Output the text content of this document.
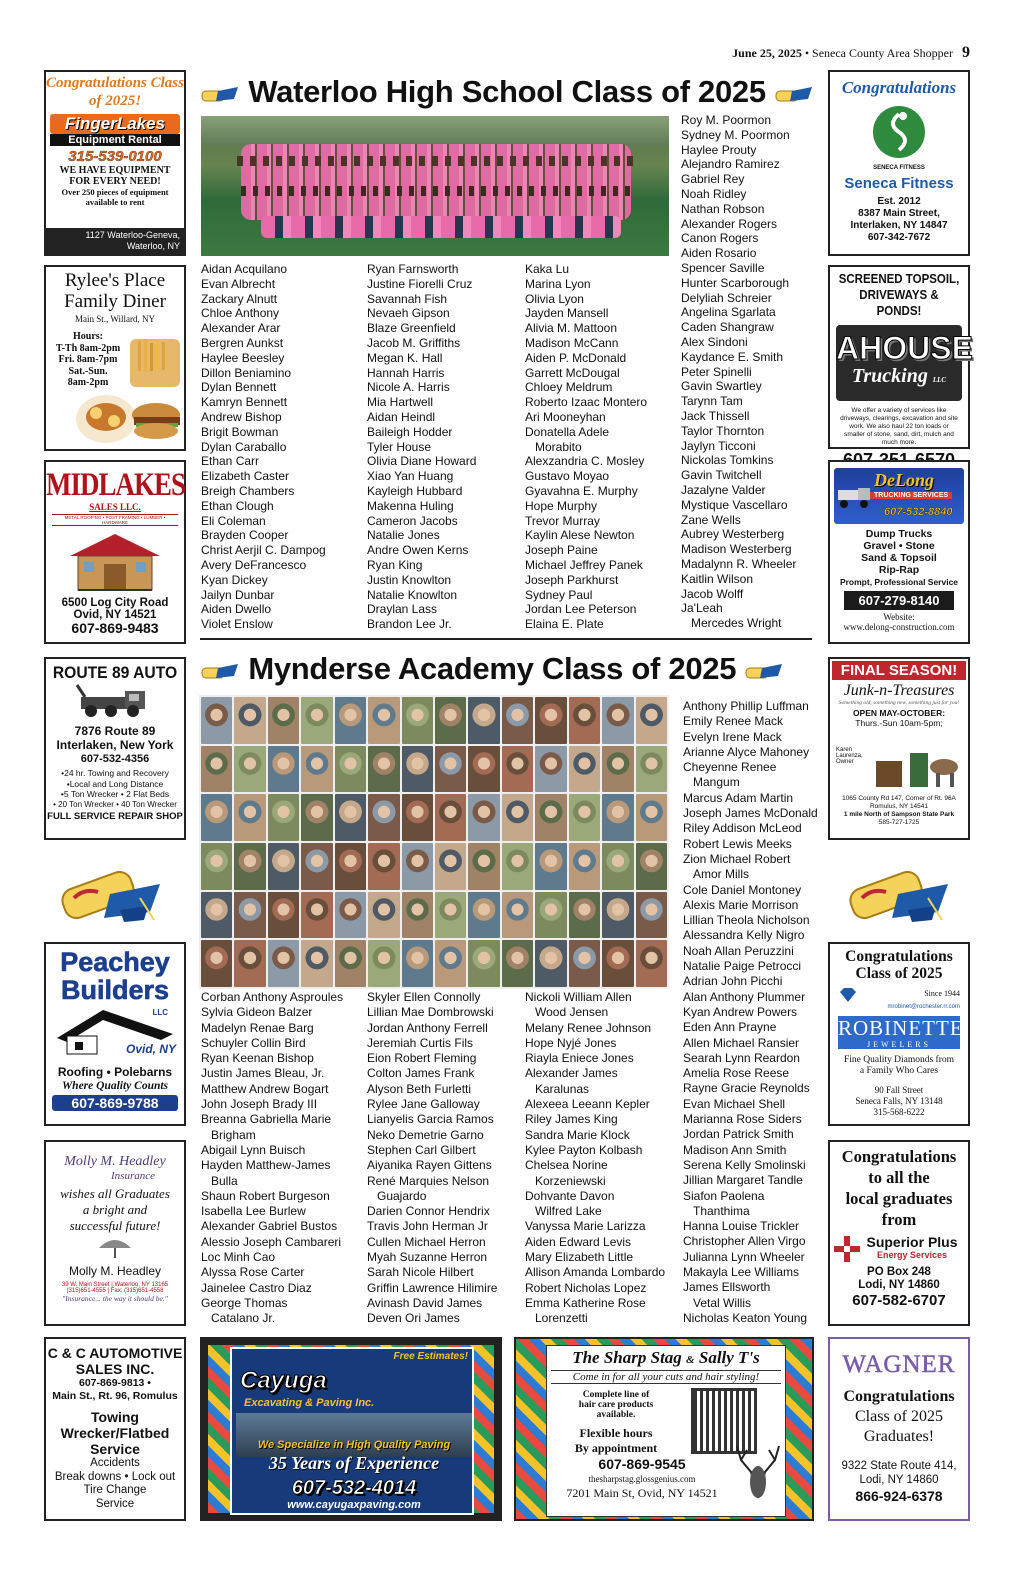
June 25, 2025 • Seneca County Area Shopper 9
Congratulations Class of 2025!
FingerLakes
Equipment Rental
315-539-0100
WE HAVE EQUIPMENT
FOR EVERY NEED!
Over 250 pieces of equipment
available to rent
1127 Waterloo-Geneva, Waterloo, NY
Rylee's Place
Family Diner
Main St., Willard, NY
Hours:
T-Th 8am-2pm
Fri. 8am-7pm
Sat.-Sun.
8am-2pm
MIDLAKES
SALES LLC.
METAL ROOFING • POST FRAMING • LUMBER • HARDWARE
6500 Log City Road
Ovid, NY 14521
607-869-9483
ROUTE 89 AUTO
7876 Route 89
Interlaken, New York
607-532-4356
•24 hr. Towing and Recovery
•Local and Long Distance
•5 Ton Wrecker • 2 Flat Beds
• 20 Ton Wrecker • 40 Ton Wrecker
FULL SERVICE REPAIR SHOP
Peachey
Builders
LLC
Ovid, NY
Roofing • Polebarns
Where Quality Counts
607-869-9788
Molly M. Headley
Insurance
wishes all Graduates
a bright and
successful future!
Molly M. Headley
39 W. Main Street | Waterloo, NY 13165
(315)651-4555 | Fax: (315)651-4558
"Insurance... the way it should be."
C & C AUTOMOTIVE
SALES INC.
607-869-9813 •
Main St., Rt. 96, Romulus
Towing
Wrecker/Flatbed
Service
Accidents
Break downs • Lock out
Tire Change
Service
Waterloo High School Class of 2025
Aidan Acquilano
Evan Albrecht
Zackary Alnutt
Chloe Anthony
Alexander Arar
Bergren Aunkst
Haylee Beesley
Dillon Beniamino
Dylan Bennett
Kamryn Bennett
Andrew Bishop
Brigit Bowman
Dylan Caraballo
Ethan Carr
Elizabeth Caster
Breigh Chambers
Ethan Clough
Eli Coleman
Brayden Cooper
Christ Aerjil C. Dampog
Avery DeFrancesco
Kyan Dickey
Jailyn Dunbar
Aiden Dwello
Violet Enslow
Ryan Farnsworth
Justine Fiorelli Cruz
Savannah Fish
Nevaeh Gipson
Blaze Greenfield
Jacob M. Griffiths
Megan K. Hall
Hannah Harris
Nicole A. Harris
Mia Hartwell
Aidan Heindl
Baileigh Hodder
Tyler House
Olivia Diane Howard
Xiao Yan Huang
Kayleigh Hubbard
Makenna Huling
Cameron Jacobs
Natalie Jones
Andre Owen Kerns
Ryan King
Justin Knowlton
Natalie Knowlton
Draylan Lass
Brandon Lee Jr.
Kaka Lu
Marina Lyon
Olivia Lyon
Jayden Mansell
Alivia M. Mattoon
Madison McCann
Aiden P. McDonald
Garrett McDougal
Chloey Meldrum
Roberto Izaac Montero
Ari Mooneyhan
Donatella Adele
Morabito
Alexzandria C. Mosley
Gustavo Moyao
Gyavahna E. Murphy
Hope Murphy
Trevor Murray
Kaylin Alese Newton
Joseph Paine
Michael Jeffrey Panek
Joseph Parkhurst
Sydney Paul
Jordan Lee Peterson
Elaina E. Plate
Roy M. Poormon
Sydney M. Poormon
Haylee Prouty
Alejandro Ramirez
Gabriel Rey
Noah Ridley
Nathan Robson
Alexander Rogers
Canon Rogers
Aiden Rosario
Spencer Saville
Hunter Scarborough
Delyliah Schreier
Angelina Sgarlata
Caden Shangraw
Alex Sindoni
Kaydance E. Smith
Peter Spinelli
Gavin Swartley
Tarynn Tam
Jack Thissell
Taylor Thornton
Jaylyn Ticconi
Nickolas Tomkins
Gavin Twitchell
Jazalyne Valder
Mystique Vascellaro
Zane Wells
Aubrey Westerberg
Madison Westerberg
Madalynn R. Wheeler
Kaitlin Wilson
Jacob Wolff
Ja'Leah
Mercedes Wright
Mynderse Academy Class of 2025
Anthony Phillip Luffman
Emily Renee Mack
Evelyn Irene Mack
Arianne Alyce Mahoney
Cheyenne Renee
Mangum
Marcus Adam Martin
Joseph James McDonald
Riley Addison McLeod
Robert Lewis Meeks
Zion Michael Robert
Amor Mills
Cole Daniel Montoney
Alexis Marie Morrison
Lillian Theola Nicholson
Alessandra Kelly Nigro
Noah Allan Peruzzini
Natalie Paige Petrocci
Adrian John Picchi
Alan Anthony Plummer
Kyan Andrew Powers
Eden Ann Prayne
Allen Michael Ransier
Searah Lynn Reardon
Amelia Rose Reese
Rayne Gracie Reynolds
Evan Michael Shell
Marianna Rose Siders
Jordan Patrick Smith
Madison Ann Smith
Serena Kelly Smolinski
Jillian Margaret Tandle
Siafon Paolena
Thanthima
Hanna Louise Trickler
Christopher Allen Virgo
Julianna Lynn Wheeler
Makayla Lee Williams
James Ellsworth
Vetal Willis
Nicholas Keaton Young
Corban Anthony Asproules
Sylvia Gideon Balzer
Madelyn Renae Barg
Schuyler Collin Bird
Ryan Keenan Bishop
Justin James Bleau, Jr.
Matthew Andrew Bogart
John Joseph Brady III
Breanna Gabriella Marie
Brigham
Abigail Lynn Buisch
Hayden Matthew-James
Bulla
Shaun Robert Burgeson
Isabella Lee Burlew
Alexander Gabriel Bustos
Alessio Joseph Cambareri
Loc Minh Cao
Alyssa Rose Carter
Jainelee Castro Diaz
George Thomas
Catalano Jr.
Skyler Ellen Connolly
Lillian Mae Dombrowski
Jordan Anthony Ferrell
Jeremiah Curtis Fils
Eion Robert Fleming
Colton James Frank
Alyson Beth Furletti
Rylee Jane Galloway
Lianyelis Garcia Ramos
Neko Demetrie Garno
Stephen Carl Gilbert
Aiyanika Rayen Gittens
René Marquies Nelson
Guajardo
Darien Connor Hendrix
Travis John Herman Jr
Cullen Michael Herron
Myah Suzanne Herron
Sarah Nicole Hilbert
Griffin Lawrence Hilimire
Avinash David James
Deven Ori James
Nickoli William Allen
Wood Jensen
Melany Renee Johnson
Hope Nyjé Jones
Riayla Eniece Jones
Alexander James
Karalunas
Alexeea Leeann Kepler
Riley James King
Sandra Marie Klock
Kylee Payton Kolbash
Chelsea Norine
Korzeniewski
Dohvante Davon
Wilfred Lake
Vanyssa Marie Larizza
Aiden Edward Levis
Mary Elizabeth Little
Allison Amanda Lombardo
Robert Nicholas Lopez
Emma Katherine Rose
Lorenzetti
Free Estimates!
Cayuga
Excavating & Paving Inc.
We Specialize in High Quality Paving
35 Years of Experience
607-532-4014
www.cayugaxpaving.com
The Sharp Stag & Sally T's
Come in for all your cuts and hair styling!
Complete line of
hair care products
available.
Flexible hours
By appointment
607-869-9545
thesharpstag.glossgenius.com
7201 Main St, Ovid, NY 14521
Congratulations
SENECA FITNESS
Seneca Fitness
Est. 2012
8387 Main Street,
Interlaken, NY 14847
607-342-7672
SCREENED TOPSOIL,
DRIVEWAYS & PONDS!
AHOUSE
Trucking LLC
We offer a variety of services like driveways, clearings, excavation and site work. We also haul 22 ton loads or smaller of stone, sand, dirt, mulch and much more.
DeLong
TRUCKING SERVICES
607-532-8840
Dump Trucks
Gravel • Stone
Sand & Topsoil
Rip-Rap
Prompt, Professional Service
607-279-8140
Website:
www.delong-construction.com
FINAL SEASON!
Junk-n-Treasures
Something old, something new, something just for you!
OPEN MAY-OCTOBER:
Thurs.-Sun 10am-5pm;
Karen Laurenza, Owner
1065 County Rd 147, Corner of Rt. 96A
Romulus, NY 14541
1 mile North of Sampson State Park
585-727-1725
Congratulations
Class of 2025
Since 1944
mrobinet@rochester.rr.com
ROBINETTE
JEWELERS
Fine Quality Diamonds from
a Family Who Cares
90 Fall Street
Seneca Falls, NY 13148
315-568-6222
Congratulations
to all the
local graduates
from
Superior Plus
Energy Services
PO Box 248
Lodi, NY 14860
607-582-6707
WAGNER
Congratulations
Class of 2025
Graduates!
9322 State Route 414,
Lodi, NY 14860
866-924-6378
